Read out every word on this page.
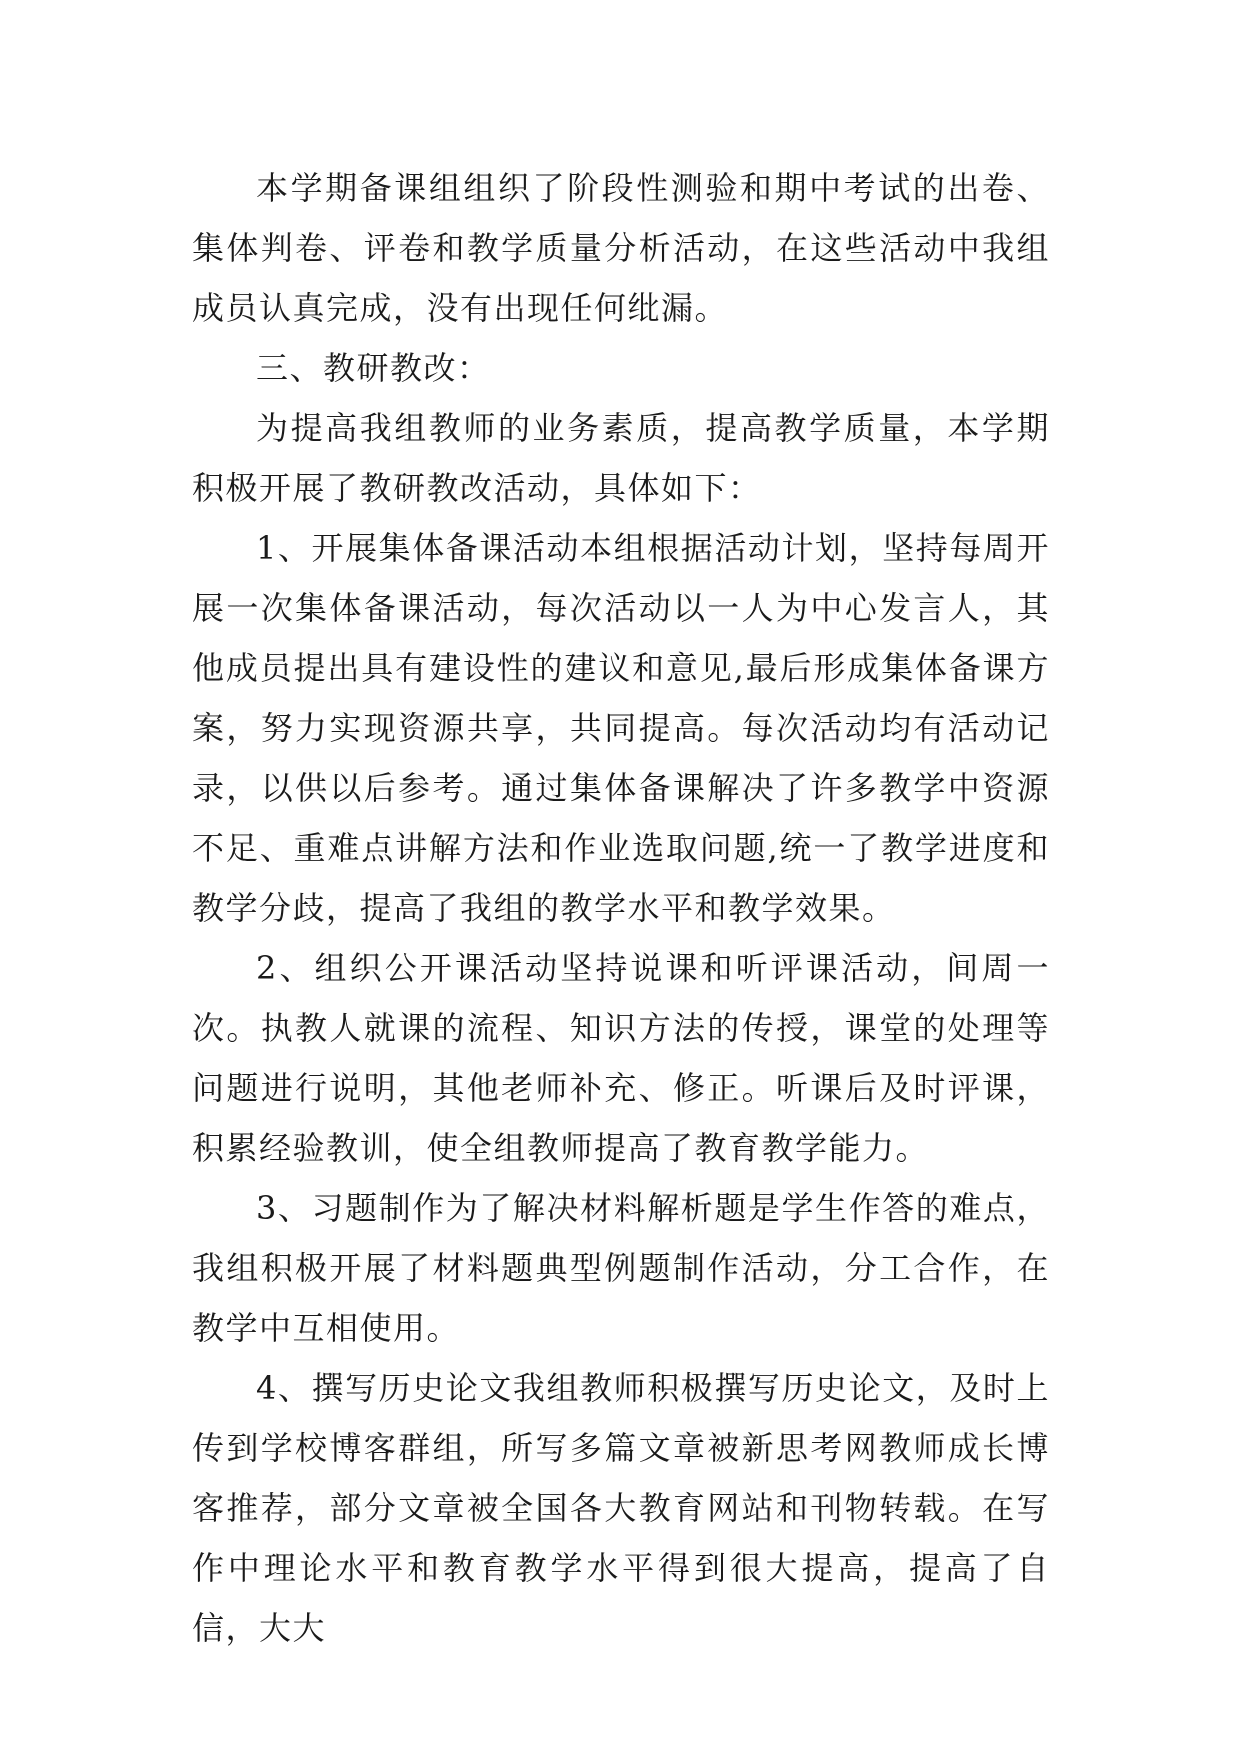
本学期备课组组织了阶段性测验和期中考试的出卷、集体判卷、评卷和教学质量分析活动，在这些活动中我组成员认真完成，没有出现任何纰漏。

三、教研教改：

为提高我组教师的业务素质，提高教学质量，本学期积极开展了教研教改活动，具体如下：

1、开展集体备课活动本组根据活动计划，坚持每周开展一次集体备课活动，每次活动以一人为中心发言人，其他成员提出具有建设性的建议和意见,最后形成集体备课方案，努力实现资源共享，共同提高。每次活动均有活动记录，以供以后参考。通过集体备课解决了许多教学中资源不足、重难点讲解方法和作业选取问题,统一了教学进度和教学分歧，提高了我组的教学水平和教学效果。

2、组织公开课活动坚持说课和听评课活动，间周一次。执教人就课的流程、知识方法的传授，课堂的处理等问题进行说明，其他老师补充、修正。听课后及时评课，积累经验教训，使全组教师提高了教育教学能力。

3、习题制作为了解决材料解析题是学生作答的难点，我组积极开展了材料题典型例题制作活动，分工合作，在教学中互相使用。

4、撰写历史论文我组教师积极撰写历史论文，及时上传到学校博客群组，所写多篇文章被新思考网教师成长博客推荐，部分文章被全国各大教育网站和刊物转载。在写作中理论水平和教育教学水平得到很大提高，提高了自信，大大
